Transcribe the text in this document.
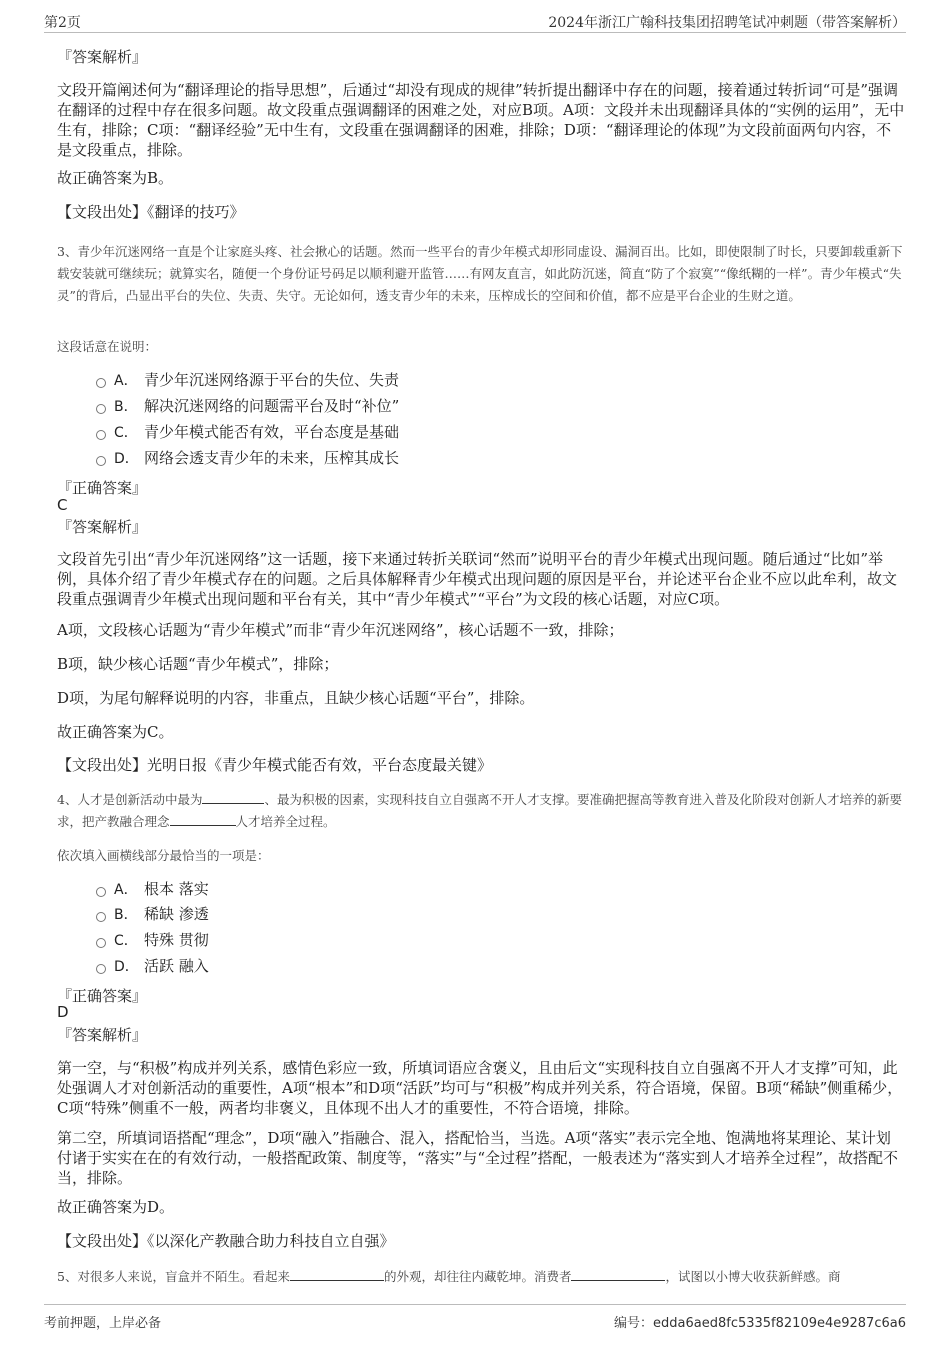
第2页	2024年浙江广翰科技集团招聘笔试冲刺题（带答案解析）
『答案解析』
文段开篇阐述何为“翻译理论的指导思想”，后通过“却没有现成的规律”转折提出翻译中存在的问题，接着通过转折词“可是”强调在翻译的过程中存在很多问题。故文段重点强调翻译的困难之处，对应B项。A项：文段并未出现翻译具体的“实例的运用”，无中生有，排除；C项：“翻译经验”无中生有，文段重在强调翻译的困难，排除；D项：“翻译理论的体现”为文段前面两句内容，不是文段重点，排除。
故正确答案为B。
【文段出处】《翻译的技巧》
3、青少年沉迷网络一直是个让家庭头疼、社会揪心的话题。然而一些平台的青少年模式却形同虚设、漏洞百出。比如，即使限制了时长，只要卸载重新下载安装就可继续玩；就算实名，随便一个身份证号码足以顺利避开监管……有网友直言，如此防沉迷，简直“防了个寂寞”“像纸糊的一样”。青少年模式“失灵”的背后，凸显出平台的失位、失责、失守。无论如何，透支青少年的未来，压榨成长的空间和价值，都不应是平台企业的生财之道。
这段话意在说明：
A． 青少年沉迷网络源于平台的失位、失责
B． 解决沉迷网络的问题需平台及时“补位”
C． 青少年模式能否有效，平台态度是基础
D． 网络会透支青少年的未来，压榨其成长
『正确答案』
C
『答案解析』
文段首先引出“青少年沉迷网络”这一话题，接下来通过转折关联词“然而”说明平台的青少年模式出现问题。随后通过“比如”举例，具体介绍了青少年模式存在的问题。之后具体解释青少年模式出现问题的原因是平台，并论述平台企业不应以此牟利，故文段重点强调青少年模式出现问题和平台有关，其中“青少年模式”“平台”为文段的核心话题，对应C项。
A项，文段核心话题为“青少年模式”而非“青少年沉迷网络”，核心话题不一致，排除；
B项，缺少核心话题“青少年模式”，排除；
D项，为尾句解释说明的内容，非重点，且缺少核心话题“平台”，排除。
故正确答案为C。
【文段出处】光明日报《青少年模式能否有效，平台态度最关键》
4、人才是创新活动中最为	、最为积极的因素，实现科技自立自强离不开人才支撑。要准确把握高等教育进入普及化阶段对创新人才培养的新要求，把产教融合理念	人才培养全过程。
依次填入画横线部分最恰当的一项是：
A． 根本 落实
B． 稀缺 渗透
C． 特殊 贯彻
D． 活跃 融入
『正确答案』
D
『答案解析』
第一空，与“积极”构成并列关系，感情色彩应一致，所填词语应含褒义，且由后文“实现科技自立自强离不开人才支撑”可知，此处强调人才对创新活动的重要性，A项“根本”和D项“活跃”均可与“积极”构成并列关系，符合语境，保留。B项“稀缺”侧重稀少，C项“特殊”侧重不一般，两者均非褒义，且体现不出人才的重要性，不符合语境，排除。
第二空，所填词语搭配“理念”，D项“融入”指融合、混入，搭配恰当，当选。A项“落实”表示完全地、饱满地将某理论、某计划付诸于实实在在的有效行动，一般搭配政策、制度等，“落实”与“全过程”搭配，一般表述为“落实到人才培养全过程”，故搭配不当，排除。
故正确答案为D。
【文段出处】《以深化产教融合助力科技自立自强》
5、对很多人来说，盲盒并不陌生。看起来	的外观，却往往内藏乾坤。消费者	，试图以小博大收获新鲜感。商
考前押题，上岸必备	编号：edda6aed8fc5335f82109e4e9287c6a6
